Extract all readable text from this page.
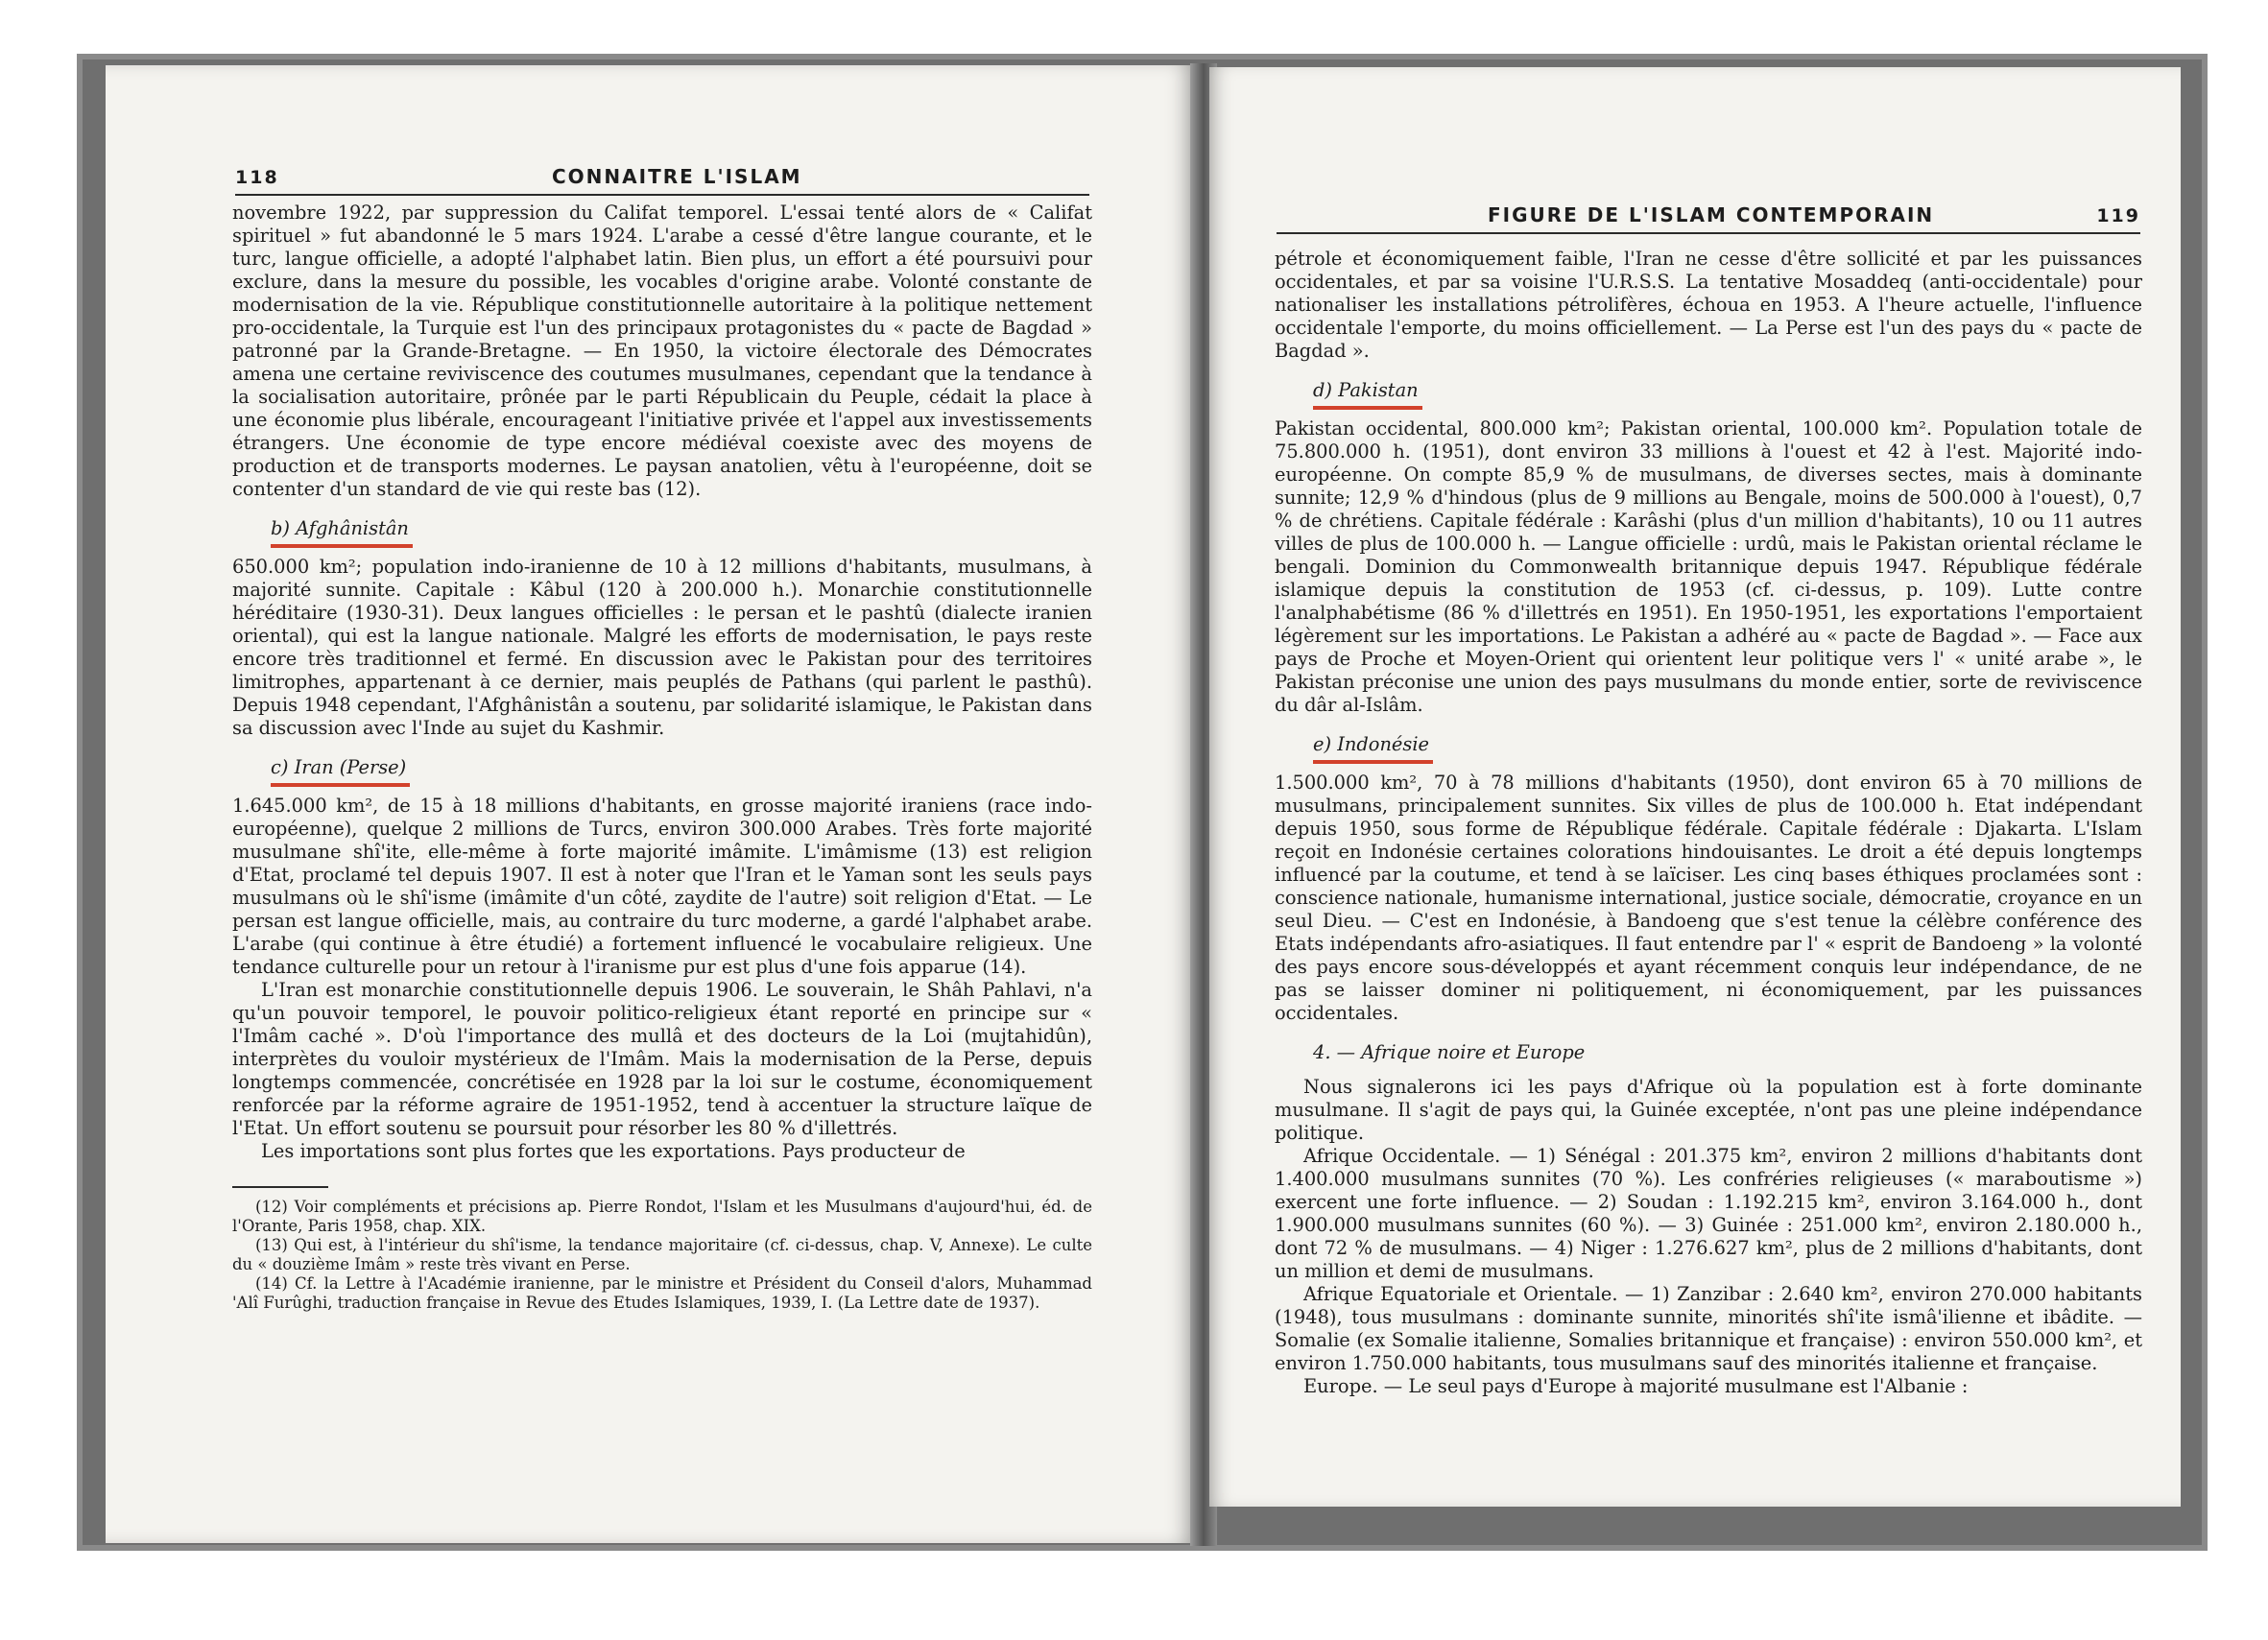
118	CONNAITRE L'ISLAM

novembre 1922, par suppression du Califat temporel. L'essai tenté alors de « Califat spirituel » fut abandonné le 5 mars 1924. L'arabe a cessé d'être langue courante, et le turc, langue officielle, a adopté l'alphabet latin. Bien plus, un effort a été poursuivi pour exclure, dans la mesure du possible, les vocables d'origine arabe. Volonté constante de modernisation de la vie. République constitutionnelle autoritaire à la politique nettement pro-occidentale, la Turquie est l'un des principaux protagonistes du « pacte de Bagdad » patronné par la Grande-Bretagne. — En 1950, la victoire électorale des Démocrates amena une certaine reviviscence des coutumes musulmanes, cependant que la tendance à la socialisation autoritaire, prônée par le parti Républicain du Peuple, cédait la place à une économie plus libérale, encourageant l'initiative privée et l'appel aux investissements étrangers. Une économie de type encore médiéval coexiste avec des moyens de production et de transports modernes. Le paysan anatolien, vêtu à l'européenne, doit se contenter d'un standard de vie qui reste bas (12).

b) Afghânistân

650.000 km²; population indo-iranienne de 10 à 12 millions d'habitants, musulmans, à majorité sunnite. Capitale : Kâbul (120 à 200.000 h.). Monarchie constitutionnelle héréditaire (1930-31). Deux langues officielles : le persan et le pashtû (dialecte iranien oriental), qui est la langue nationale. Malgré les efforts de modernisation, le pays reste encore très traditionnel et fermé. En discussion avec le Pakistan pour des territoires limitrophes, appartenant à ce dernier, mais peuplés de Pathans (qui parlent le pasthû). Depuis 1948 cependant, l'Afghânistân a soutenu, par solidarité islamique, le Pakistan dans sa discussion avec l'Inde au sujet du Kashmir.

c) Iran (Perse)

1.645.000 km², de 15 à 18 millions d'habitants, en grosse majorité iraniens (race indo-européenne), quelque 2 millions de Turcs, environ 300.000 Arabes. Très forte majorité musulmane shî'ite, elle-même à forte majorité imâmite. L'imâmisme (13) est religion d'Etat, proclamé tel depuis 1907. Il est à noter que l'Iran et le Yaman sont les seuls pays musulmans où le shî'isme (imâmite d'un côté, zaydite de l'autre) soit religion d'Etat. — Le persan est langue officielle, mais, au contraire du turc moderne, a gardé l'alphabet arabe. L'arabe (qui continue à être étudié) a fortement influencé le vocabulaire religieux. Une tendance culturelle pour un retour à l'iranisme pur est plus d'une fois apparue (14).

L'Iran est monarchie constitutionnelle depuis 1906. Le souverain, le Shâh Pahlavi, n'a qu'un pouvoir temporel, le pouvoir politico-religieux étant reporté en principe sur « l'Imâm caché ». D'où l'importance des mullâ et des docteurs de la Loi (mujtahidûn), interprètes du vouloir mystérieux de l'Imâm. Mais la modernisation de la Perse, depuis longtemps commencée, concrétisée en 1928 par la loi sur le costume, économiquement renforcée par la réforme agraire de 1951-1952, tend à accentuer la structure laïque de l'Etat. Un effort soutenu se poursuit pour résorber les 80 % d'illettrés.

Les importations sont plus fortes que les exportations. Pays producteur de

(12) Voir compléments et précisions ap. Pierre Rondot, l'Islam et les Musulmans d'aujourd'hui, éd. de l'Orante, Paris 1958, chap. XIX.

(13) Qui est, à l'intérieur du shî'isme, la tendance majoritaire (cf. ci-dessus, chap. V, Annexe). Le culte du « douzième Imâm » reste très vivant en Perse.

(14) Cf. la Lettre à l'Académie iranienne, par le ministre et Président du Conseil d'alors, Muhammad 'Alî Furûghi, traduction française in Revue des Etudes Islamiques, 1939, I. (La Lettre date de 1937).

FIGURE DE L'ISLAM CONTEMPORAIN	119

pétrole et économiquement faible, l'Iran ne cesse d'être sollicité et par les puissances occidentales, et par sa voisine l'U.R.S.S. La tentative Mosaddeq (anti-occidentale) pour nationaliser les installations pétrolifères, échoua en 1953. A l'heure actuelle, l'influence occidentale l'emporte, du moins officiellement. — La Perse est l'un des pays du « pacte de Bagdad ».

d) Pakistan

Pakistan occidental, 800.000 km²; Pakistan oriental, 100.000 km². Population totale de 75.800.000 h. (1951), dont environ 33 millions à l'ouest et 42 à l'est. Majorité indo-européenne. On compte 85,9 % de musulmans, de diverses sectes, mais à dominante sunnite; 12,9 % d'hindous (plus de 9 millions au Bengale, moins de 500.000 à l'ouest), 0,7 % de chrétiens. Capitale fédérale : Karâshi (plus d'un million d'habitants), 10 ou 11 autres villes de plus de 100.000 h. — Langue officielle : urdû, mais le Pakistan oriental réclame le bengali. Dominion du Commonwealth britannique depuis 1947. République fédérale islamique depuis la constitution de 1953 (cf. ci-dessus, p. 109). Lutte contre l'analphabétisme (86 % d'illettrés en 1951). En 1950-1951, les exportations l'emportaient légèrement sur les importations. Le Pakistan a adhéré au « pacte de Bagdad ». — Face aux pays de Proche et Moyen-Orient qui orientent leur politique vers l' « unité arabe », le Pakistan préconise une union des pays musulmans du monde entier, sorte de reviviscence du dâr al-Islâm.

e) Indonésie

1.500.000 km², 70 à 78 millions d'habitants (1950), dont environ 65 à 70 millions de musulmans, principalement sunnites. Six villes de plus de 100.000 h. Etat indépendant depuis 1950, sous forme de République fédérale. Capitale fédérale : Djakarta. L'Islam reçoit en Indonésie certaines colorations hindouisantes. Le droit a été depuis longtemps influencé par la coutume, et tend à se laïciser. Les cinq bases éthiques proclamées sont : conscience nationale, humanisme international, justice sociale, démocratie, croyance en un seul Dieu. — C'est en Indonésie, à Bandoeng que s'est tenue la célèbre conférence des Etats indépendants afro-asiatiques. Il faut entendre par l' « esprit de Bandoeng » la volonté des pays encore sous-développés et ayant récemment conquis leur indépendance, de ne pas se laisser dominer ni politiquement, ni économiquement, par les puissances occidentales.

4. — Afrique noire et Europe

Nous signalerons ici les pays d'Afrique où la population est à forte dominante musulmane. Il s'agit de pays qui, la Guinée exceptée, n'ont pas une pleine indépendance politique.

Afrique Occidentale. — 1) Sénégal : 201.375 km², environ 2 millions d'habitants dont 1.400.000 musulmans sunnites (70 %). Les confréries religieuses (« maraboutisme ») exercent une forte influence. — 2) Soudan : 1.192.215 km², environ 3.164.000 h., dont 1.900.000 musulmans sunnites (60 %). — 3) Guinée : 251.000 km², environ 2.180.000 h., dont 72 % de musulmans. — 4) Niger : 1.276.627 km², plus de 2 millions d'habitants, dont un million et demi de musulmans.

Afrique Equatoriale et Orientale. — 1) Zanzibar : 2.640 km², environ 270.000 habitants (1948), tous musulmans : dominante sunnite, minorités shî'ite ismâ'ilienne et ibâdite. — Somalie (ex Somalie italienne, Somalies britannique et française) : environ 550.000 km², et environ 1.750.000 habitants, tous musulmans sauf des minorités italienne et française.

Europe. — Le seul pays d'Europe à majorité musulmane est l'Albanie :
